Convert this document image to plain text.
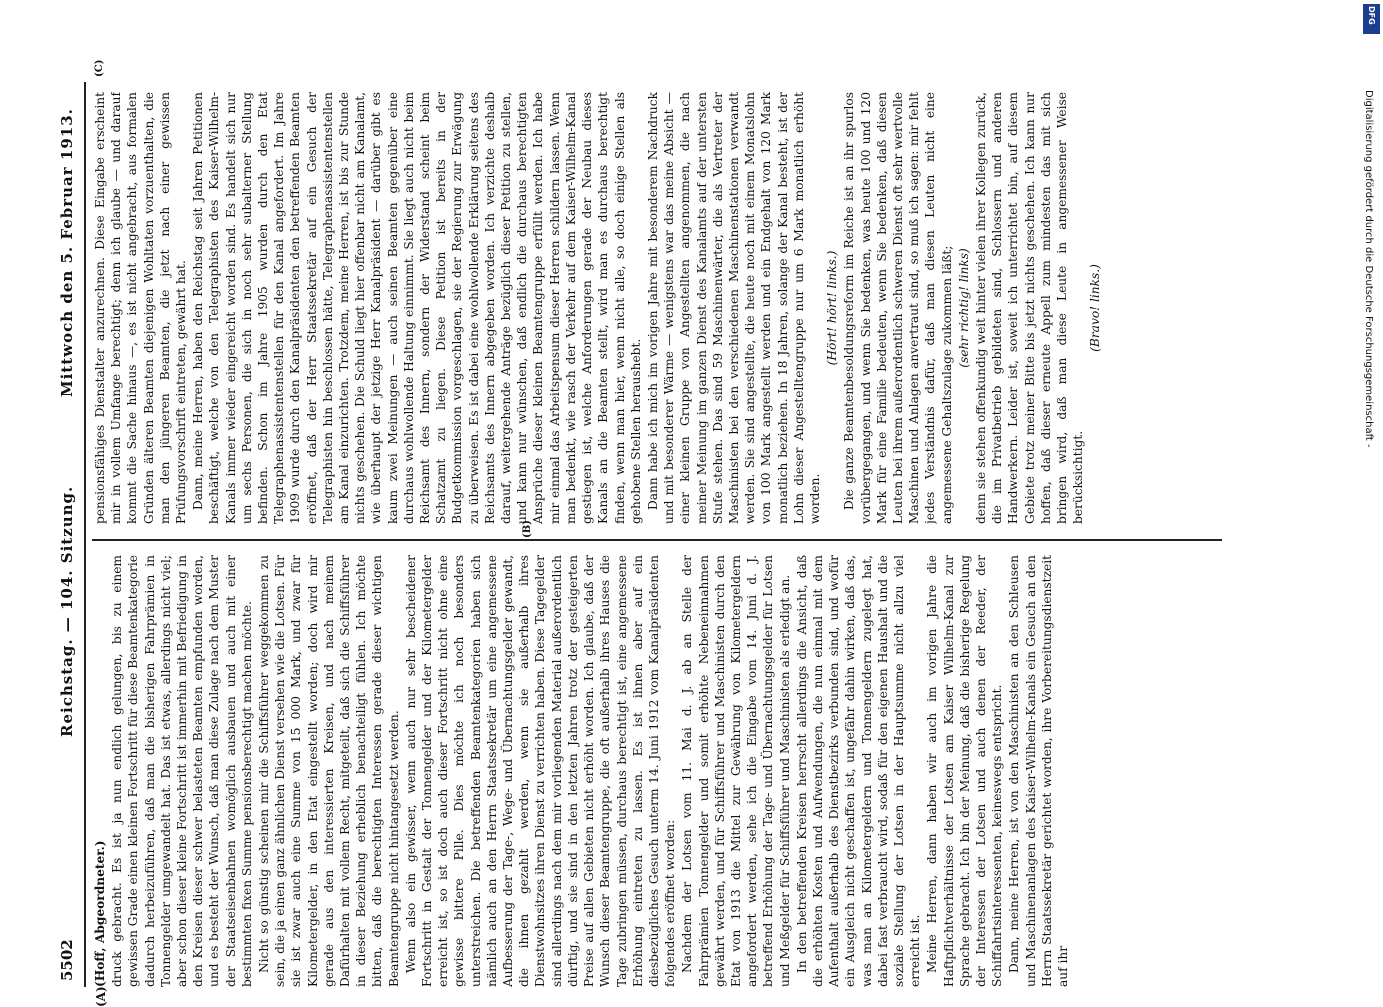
5502
Reichstag. — 104. Sitzung.
Mittwoch den 5. Februar 1913.
(A)
(B)
(C)

(Hoff, Abgeordneter.) druck gebracht. Es ist ja nun endlich gelungen, bis zu einem gewissen Grade einen kleinen Fortschritt für diese Beamtenkategorie dadurch herbeizuführen, daß man die bisherigen Fahrprämien in Tonnengelder umgewandelt hat. Das ist etwas, allerdings nicht viel; aber schon dieser kleine Fortschritt ist immerhin mit Befriedigung in den Kreisen dieser schwer belasteten Beamten empfunden worden, und es besteht der Wunsch, daß man diese Zulage nach dem Muster der Staatseisenbahnen womöglich ausbauen und auch mit einer bestimmten fixen Summe pensionsberechtigt machen möchte. Nicht so günstig scheinen mir die Schiffsführer weggekommen zu sein, die ja einen ganz ähnlichen Dienst versehen wie die Lotsen. Für sie ist zwar auch eine Summe von 15 000 Mark, und zwar für Kilometergelder, in den Etat eingestellt worden; doch wird mir gerade aus den interessierten Kreisen, und nach meinem Dafürhalten mit vollem Recht, mitgeteilt, daß sich die Schiffsführer in dieser Beziehung erheblich benachteiligt fühlen. Ich möchte bitten, daß die berechtigten Interessen gerade dieser wichtigen Beamtengruppe nicht hintangesetzt werden. Wenn also ein gewisser, wenn auch nur sehr bescheidener Fortschritt in Gestalt der Tonnengelder und der Kilometergelder erreicht ist, so ist doch auch dieser Fortschritt nicht ohne eine gewisse bittere Pille. Dies möchte ich noch besonders unterstreichen. Die betreffenden Beamtenkategorien haben sich nämlich auch an den Herrn Staatssekretär um eine angemessene Aufbesserung der Tage-, Wege- und Übernachtungsgelder gewandt, die ihnen gezahlt werden, wenn sie außerhalb ihres Dienstwohnsitzes ihren Dienst zu verrichten haben. Diese Tagegelder sind allerdings nach dem mir vorliegenden Material außerordentlich dürftig, und sie sind in den letzten Jahren trotz der gesteigerten Preise auf allen Gebieten nicht erhöht worden. Ich glaube, daß der Wunsch dieser Beamtengruppe, die oft außerhalb ihres Hauses die Tage zubringen müssen, durchaus berechtigt ist, eine angemessene Erhöhung eintreten zu lassen. Es ist ihnen aber auf ein diesbezügliches Gesuch unterm 14. Juni 1912 vom Kanalpräsidenten folgendes eröffnet worden: Nachdem der Lotsen vom 11. Mai d. J. ab an Stelle der Fahrprämien Tonnengelder und somit erhöhte Nebeneinnahmen gewährt werden, und für Schiffsführer und Maschinisten durch den Etat von 1913 die Mittel zur Gewährung von Kilometergeldern angefordert werden, sehe ich die Eingabe vom 14. Juni d. J. betreffend Erhöhung der Tage- und Übernachtungsgelder für Lotsen und Meßgelder für Schiffsführer und Maschinisten als erledigt an. In den betreffenden Kreisen herrscht allerdings die Ansicht, daß die erhöhten Kosten und Aufwendungen, die nun einmal mit dem Aufenthalt außerhalb des Dienstbezirks verbunden sind, und wofür ein Ausgleich nicht geschaffen ist, ungefähr dahin wirken, daß das, was man an Kilometergeldern und Tonnengeldern zugelegt hat, dabei fast verbraucht wird, sodaß für den eigenen Haushalt und die soziale Stellung der Lotsen in der Hauptsumme nicht allzu viel erreicht ist. Meine Herren, dann haben wir auch im vorigen Jahre die Haftpflichtverhältnisse der Lotsen am Kaiser Wilhelm-Kanal zur Sprache gebracht. Ich bin der Meinung, daß die bisherige Regelung der Interessen der Lotsen und auch denen der Reeder, der Schiffahrtsinteressenten, keineswegs entspricht. Dann, meine Herren, ist von den Maschinisten an den Schleusen und Maschinenanlagen des Kaiser-Wilhelm-Kanals ein Gesuch an den Herrn Staatssekretär gerichtet worden, ihre Vorbereitungsdienstzeit auf ihr

pensionsfähiges Dienstalter anzurechnen. Diese Eingabe erscheint mir in vollem Umfange berechtigt; denn ich glaube — und darauf kommt die Sache hinaus —, es ist nicht angebracht, aus formalen Gründen älteren Beamten diejenigen Wohltaten vorzuenthalten, die man den jüngeren Beamten, die jetzt nach einer gewissen Prüfungsvorschrift eintreten, gewährt hat. Dann, meine Herren, haben den Reichstag seit Jahren Petitionen beschäftigt, welche von den Telegraphisten des Kaiser-Wilhelm-Kanals immer wieder eingereicht worden sind. Es handelt sich nur um sechs Personen, die sich in noch sehr subalterner Stellung befinden. Schon im Jahre 1905 wurden durch den Etat Telegraphenassistentenstellen für den Kanal angefordert. Im Jahre 1909 wurde durch den Kanalpräsidenten den betreffenden Beamten eröffnet, daß der Herr Staatssekretär auf ein Gesuch der Telegraphisten hin beschlossen hätte, Telegraphenassistentenstellen am Kanal einzurichten. Trotzdem, meine Herren, ist bis zur Stunde nichts geschehen. Die Schuld liegt hier offenbar nicht am Kanalamt, wie überhaupt der jetzige Herr Kanalpräsident — darüber gibt es kaum zwei Meinungen — auch seinen Beamten gegenüber eine durchaus wohlwollende Haltung einnimmt. Sie liegt auch nicht beim Reichsamt des Innern, sondern der Widerstand scheint beim Schatzamt zu liegen. Diese Petition ist bereits in der Budgetkommission vorgeschlagen, sie der Regierung zur Erwägung zu überweisen. Es ist dabei eine wohlwollende Erklärung seitens des Reichsamts des Innern abgegeben worden. Ich verzichte deshalb darauf, weitergehende Anträge bezüglich dieser Petition zu stellen, und kann nur wünschen, daß endlich die durchaus berechtigten Ansprüche dieser kleinen Beamtengruppe erfüllt werden. Ich habe mir einmal das Arbeitspensum dieser Herren schildern lassen. Wenn man bedenkt, wie rasch der Verkehr auf dem Kaiser-Wilhelm-Kanal gestiegen ist, welche Anforderungen gerade der Neubau dieses Kanals an die Beamten stellt, wird man es durchaus berechtigt finden, wenn man hier, wenn nicht alle, so doch einige Stellen als gehobene Stellen heraushebt. Dann habe ich mich im vorigen Jahre mit besonderem Nachdruck und mit besonderer Wärme — wenigstens war das meine Absicht — einer kleinen Gruppe von Angestellten angenommen, die nach meiner Meinung im ganzen Dienst des Kanalamts auf der untersten Stufe stehen. Das sind 59 Maschinenwärter, die als Vertreter der Maschinisten bei den verschiedenen Maschinenstationen verwandt werden. Sie sind angestellte, die heute noch mit einem Monatslohn von 100 Mark angestellt werden und ein Endgehalt von 120 Mark monatlich beziehen. In 18 Jahren, solange der Kanal besteht, ist der Lohn dieser Angestelltengruppe nur um 6 Mark monatlich erhöht worden.

(Hört! hört! links.) Die ganze Beamtenbesoldungsreform im Reiche ist an ihr spurlos vorübergegangen, und wenn Sie bedenken, was heute 100 und 120 Mark für eine Familie bedeuten, wenn Sie bedenken, daß diesen Leuten bei ihrem außerordentlich schweren Dienst oft sehr wertvolle Maschinen und Anlagen anvertraut sind, so muß ich sagen: mir fehlt jedes Verständnis dafür, daß man diesen Leuten nicht eine angemessene Gehaltszulage zukommen läßt; (sehr richtig! links) denn sie stehen offenkundig weit hinter vielen ihrer Kollegen zurück, die im Privatbetrieb gebildeten sind, Schlossern und anderen Handwerkern. Leider ist, soweit ich unterrichtet bin, auf diesem Gebiete trotz meiner Bitte bis jetzt nichts geschehen. Ich kann nur hoffen, daß dieser erneute Appell zum mindesten das mit sich bringen wird, daß man diese Leute in angemessener Weise berücksichtigt.

(Bravo! links.)

DFG
Digitalisierung gefördert durch die Deutsche Forschungsgemeinschaft -
